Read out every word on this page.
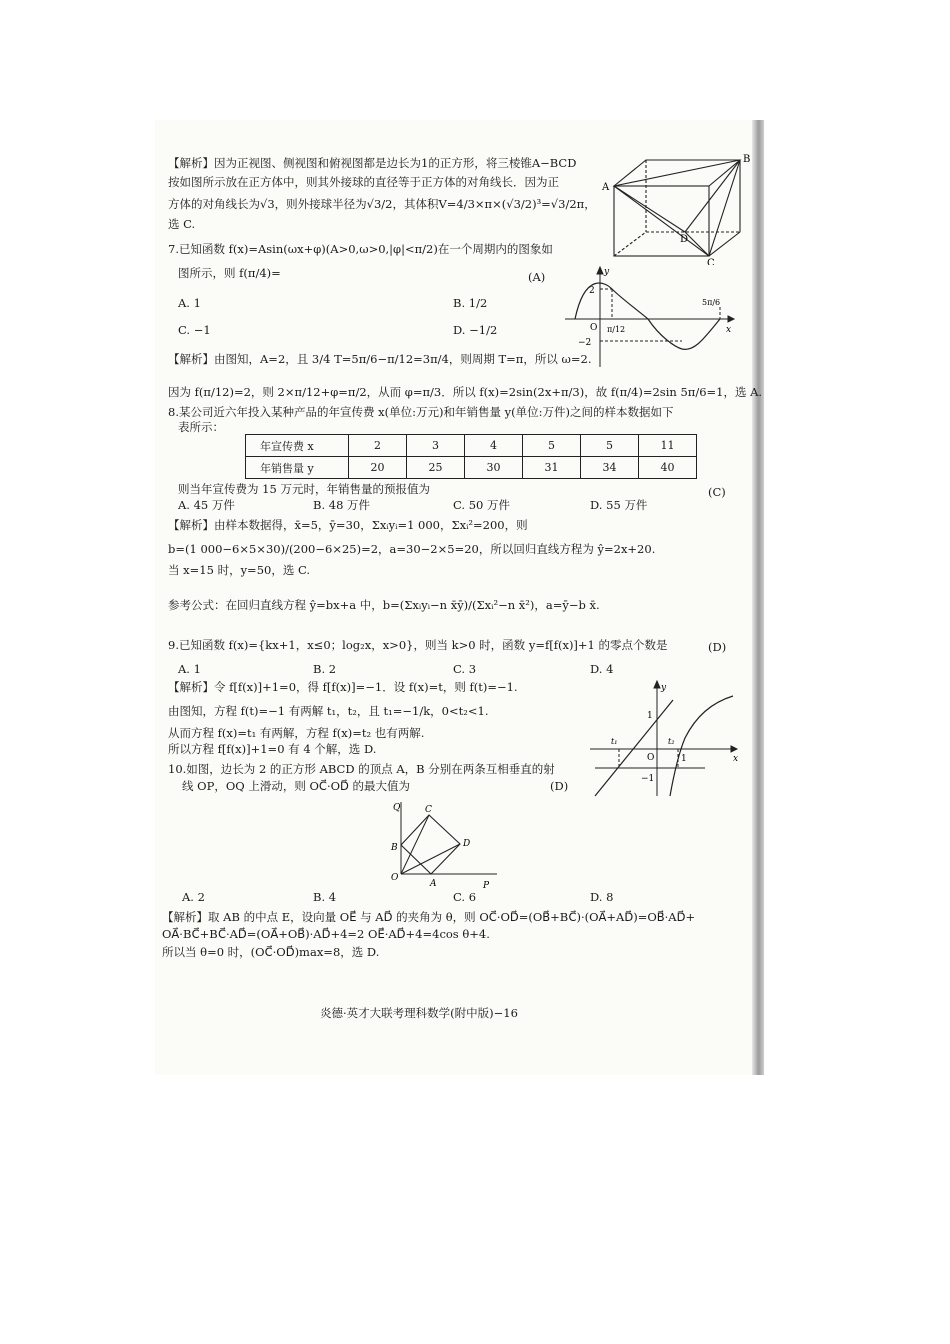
【解析】因为正视图、侧视图和俯视图都是边长为1的正方形，将三棱锥A−BCD
按如图所示放在正方体中，则其外接球的直径等于正方体的对角线长．因为正
方体的对角线长为√3，则外接球半径为√3/2，其体积V=4/3×π×(√3/2)³=√3/2π，
选 C.
A
B
C
D
7.已知函数 f(x)=Asin(ωx+φ)(A>0,ω>0,|φ|<π/2)在一个周期内的图象如
图所示，则 f(π/4)=	(A)
A. 1	B. 1/2
C. −1	D. −1/2
y
2
−2
O π/12
5π/6
x
【解析】由图知，A=2，且 3/4 T=5π/6−π/12=3π/4，则周期 T=π，所以 ω=2.
因为 f(π/12)=2，则 2×π/12+φ=π/2，从而 φ=π/3．所以 f(x)=2sin(2x+π/3)，故 f(π/4)=2sin 5π/6=1，选 A.
8.某公司近六年投入某种产品的年宣传费 x(单位:万元)和年销售量 y(单位:万件)之间的样本数据如下
表所示：
年宣传费 x	2	3	4	5	5	11
年销售量 y	20	25	30	31	34	40
则当年宣传费为 15 万元时，年销售量的预报值为	(C)
A. 45 万件	B. 48 万件	C. 50 万件	D. 55 万件
【解析】由样本数据得，x̄=5，ȳ=30，Σxᵢyᵢ=1 000，Σxᵢ²=200，则
b=(1 000−6×5×30)/(200−6×25)=2，a=30−2×5=20，所以回归直线方程为 ŷ=2x+20.
当 x=15 时，y=50，选 C.
参考公式：在回归直线方程 ŷ=bx+a 中，b=(Σxᵢyᵢ−n x̄ȳ)/(Σxᵢ²−n x̄²)，a=ȳ−b x̄.
9.已知函数 f(x)={kx+1，x≤0；log₂x，x>0}，则当 k>0 时，函数 y=f[f(x)]+1 的零点个数是	(D)
A. 1	B. 2	C. 3	D. 4
【解析】令 f[f(x)]+1=0，得 f[f(x)]=−1．设 f(x)=t，则 f(t)=−1.
由图知，方程 f(t)=−1 有两解 t₁，t₂，且 t₁=−1/k，0<t₂<1.
从而方程 f(x)=t₁ 有两解，方程 f(x)=t₂ 也有两解.
所以方程 f[f(x)]+1=0 有 4 个解，选 D.
y
1
−1
O
t₁	t₂
1	x
10.如图，边长为 2 的正方形 ABCD 的顶点 A，B 分别在两条互相垂直的射
线 OP，OQ 上滑动，则 OC⃗·OD⃗ 的最大值为	(D)
Q	C
B	D
O
A	P
A. 2	B. 4	C. 6	D. 8
【解析】取 AB 的中点 E，设向量 OE⃗ 与 AD⃗ 的夹角为 θ，则 OC⃗·OD⃗=(OB⃗+BC⃗)·(OA⃗+AD⃗)=OB⃗·AD⃗+
OA⃗·BC⃗+BC⃗·AD⃗=(OA⃗+OB⃗)·AD⃗+4=2 OE⃗·AD⃗+4=4cos θ+4.
所以当 θ=0 时，(OC⃗·OD⃗)max=8，选 D.
炎德·英才大联考理科数学(附中版)−16
